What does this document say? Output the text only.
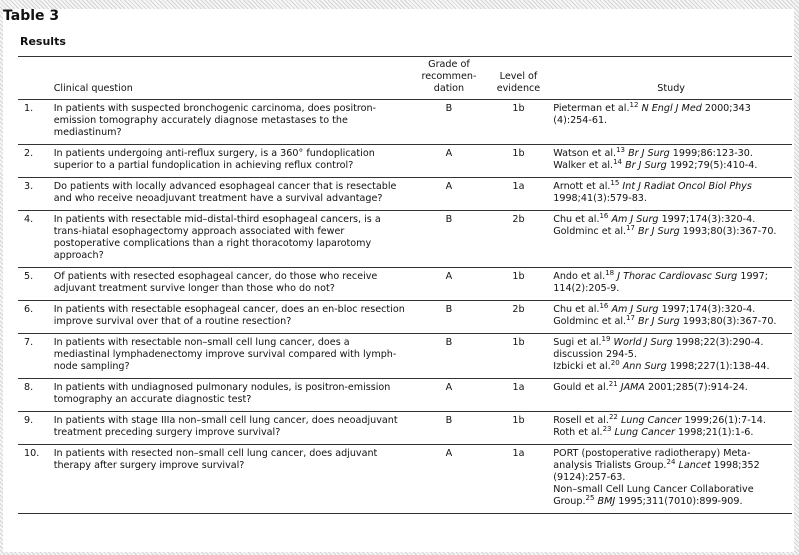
Table 3
Results
	Clinical question	Grade of recommen-dation	Level of evidence	Study
1.	In patients with suspected bronchogenic carcinoma, does positron-emission tomography accurately diagnose metastases to the mediastinum?	B	1b	Pieterman et al.$^{12}$ N Engl J Med 2000;343 (4):254-61.

2.	In patients undergoing anti-reflux surgery, is a 360° fundoplication superior to a partial fundoplication in achieving reflux control?	A	1b	Watson et al.$^{13}$ Br J Surg 1999;86:123-30.
Walker et al.$^{14}$ Br J Surg 1992;79(5):410-4.

3.	Do patients with locally advanced esophageal cancer that is resectable and who receive neoadjuvant treatment have a survival advantage?	A	1a	Arnott et al.$^{15}$ Int J Radiat Oncol Biol Phys 1998;41(3):579-83.

4.	In patients with resectable mid–distal-third esophageal cancers, is a trans-hiatal esophagectomy approach associated with fewer postoperative complications than a right thoracotomy laparotomy approach?	B	2b	Chu et al.$^{16}$ Am J Surg 1997;174(3):320-4.
Goldminc et al.$^{17}$ Br J Surg 1993;80(3):367-70.

5.	Of patients with resected esophageal cancer, do those who receive adjuvant treatment survive longer than those who do not?	A	1b	Ando et al.$^{18}$ J Thorac Cardiovasc Surg 1997; 114(2):205-9.

6.	In patients with resectable esophageal cancer, does an en-bloc resection improve survival over that of a routine resection?	B	2b	Chu et al.$^{16}$ Am J Surg 1997;174(3):320-4.
Goldminc et al.$^{17}$ Br J Surg 1993;80(3):367-70.

7.	In patients with resectable non–small cell lung cancer, does a mediastinal lymphadenectomy improve survival compared with lymph-node sampling?	B	1b	Sugi et al.$^{19}$ World J Surg 1998;22(3):290-4. discussion 294-5.
Izbicki et al.$^{20}$ Ann Surg 1998;227(1):138-44.

8.	In patients with undiagnosed pulmonary nodules, is positron-emission tomography an accurate diagnostic test?	A	1a	Gould et al.$^{21}$ JAMA 2001;285(7):914-24.

9.	In patients with stage IIIa non–small cell lung cancer, does neoadjuvant treatment preceding surgery improve survival?	B	1b	Rosell et al.$^{22}$ Lung Cancer 1999;26(1):7-14.
Roth et al.$^{23}$ Lung Cancer 1998;21(1):1-6.

10.	In patients with resected non–small cell lung cancer, does adjuvant therapy after surgery improve survival?	A	1a	PORT (postoperative radiotherapy) Meta-analysis Trialists Group.$^{24}$ Lancet 1998;352 (9124):257-63.
Non–small Cell Lung Cancer Collaborative Group.$^{25}$ BMJ 1995;311(7010):899-909.
